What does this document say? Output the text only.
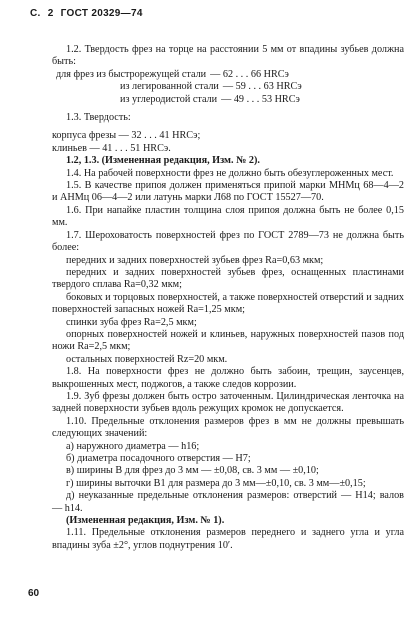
С. 2 ГОСТ 20329—74

1.2. Твердость фрез на торце на расстоянии 5 мм от впадины зубьев должна быть:

для фрез из быстрорежущей стали — 62 . . . 66 HRCэ
из легированной стали — 59 . . . 63 HRCэ
из углеродистой стали — 49 . . . 53 HRCэ

1.3. Твердость:

корпуса фрезы — 32 . . . 41 HRCэ;

клиньев — 41 . . . 51 HRCэ.

1.2, 1.3. (Измененная редакция, Изм. № 2).

1.4. На рабочей поверхности фрез не должно быть обезуглероженных мест.

1.5. В качестве припоя должен применяться припой марки МНМц 68—4—2 и АНМц 06—4—2 или латунь марки Л68 по ГОСТ 15527—70.

1.6. При напайке пластин толщина слоя припоя должна быть не более 0,15 мм.

1.7. Шероховатость поверхностей фрез по ГОСТ 2789—73 не должна быть более:

передних и задних поверхностей зубьев фрез Ra=0,63 мкм;

передних и задних поверхностей зубьев фрез, оснащенных пластинами твердого сплава Ra=0,32 мкм;

боковых и торцовых поверхностей, а также поверхностей отверстий и задних поверхностей запасных ножей Ra=1,25 мкм;

спинки зуба фрез Ra=2,5 мкм;

опорных поверхностей ножей и клиньев, наружных поверхностей пазов под ножи Ra=2,5 мкм;

остальных поверхностей Rz=20 мкм.

1.8. На поверхности фрез не должно быть забоин, трещин, заусенцев, выкрошенных мест, поджогов, а также следов коррозии.

1.9. Зуб фрезы должен быть остро заточенным. Цилиндрическая ленточка на задней поверхности зубьев вдоль режущих кромок не допускается.

1.10. Предельные отклонения размеров фрез в мм не должны превышать следующих значений:

а) наружного диаметра — h16;

б) диаметра посадочного отверстия — H7;

в) ширины B для фрез до 3 мм — ±0,08, св. 3 мм — ±0,10;

г) ширины выточки B1 для размера до 3 мм—±0,10, св. 3 мм—±0,15;

д) неуказанные предельные отклонения размеров: отверстий — H14; валов — h14.

(Измененная редакция, Изм. № 1).

1.11. Предельные отклонения размеров переднего и заднего угла и угла впадины зуба ±2°, углов поднутрения 10′.

60
